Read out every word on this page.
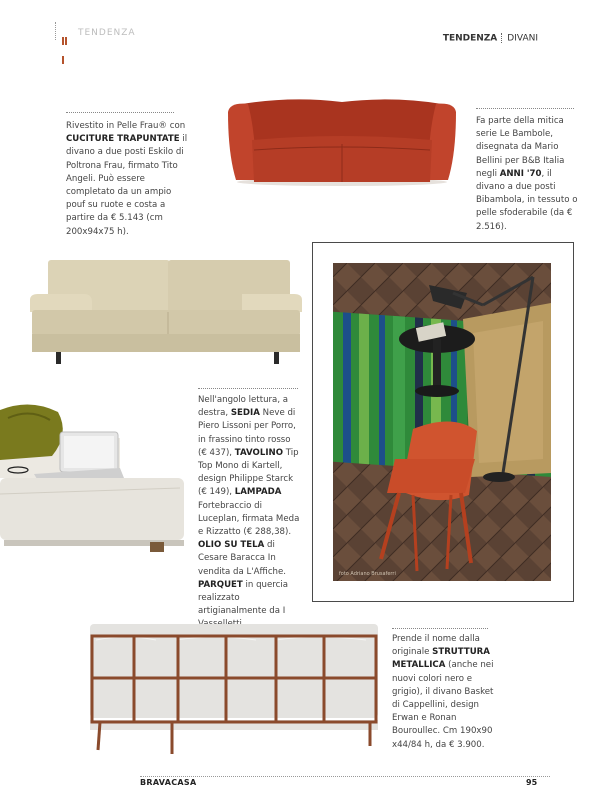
TENDENZA
TENDENZA DIVANI
Rivestito in Pelle Frau® con CUCITURE TRAPUNTATE il divano a due posti Eskilo di Poltrona Frau, firmato Tito Angeli. Può essere completato da un ampio pouf su ruote e costa a partire da € 5.143 (cm 200x94x75 h).
Fa parte della mitica serie Le Bambole, disegnata da Mario Bellini per B&B Italia negli ANNI '70, il divano a due posti Bibambola, in tessuto o pelle sfoderabile (da € 2.516).
Nell'angolo lettura, a destra, SEDIA Neve di Piero Lissoni per Porro, in frassino tinto rosso (€ 437), TAVOLINO Tip Top Mono di Kartell, design Philippe Starck (€ 149), LAMPADA Fortebraccio di Luceplan, firmata Meda e Rizzatto (€ 288,38). OLIO SU TELA di Cesare Baracca In vendita da L'Affiche. PARQUET in quercia realizzato artigianalmente da I
foto Adriano Brusaferri
Prende il nome dalla originale STRUTTURA METALLICA (anche nei nuovi colori nero e grigio), il divano Basket di Cappellini, design Erwan e Ronan Bouroullec. Cm 190x90 x44/84 h, da € 3.900.
BRAVACASA	95
